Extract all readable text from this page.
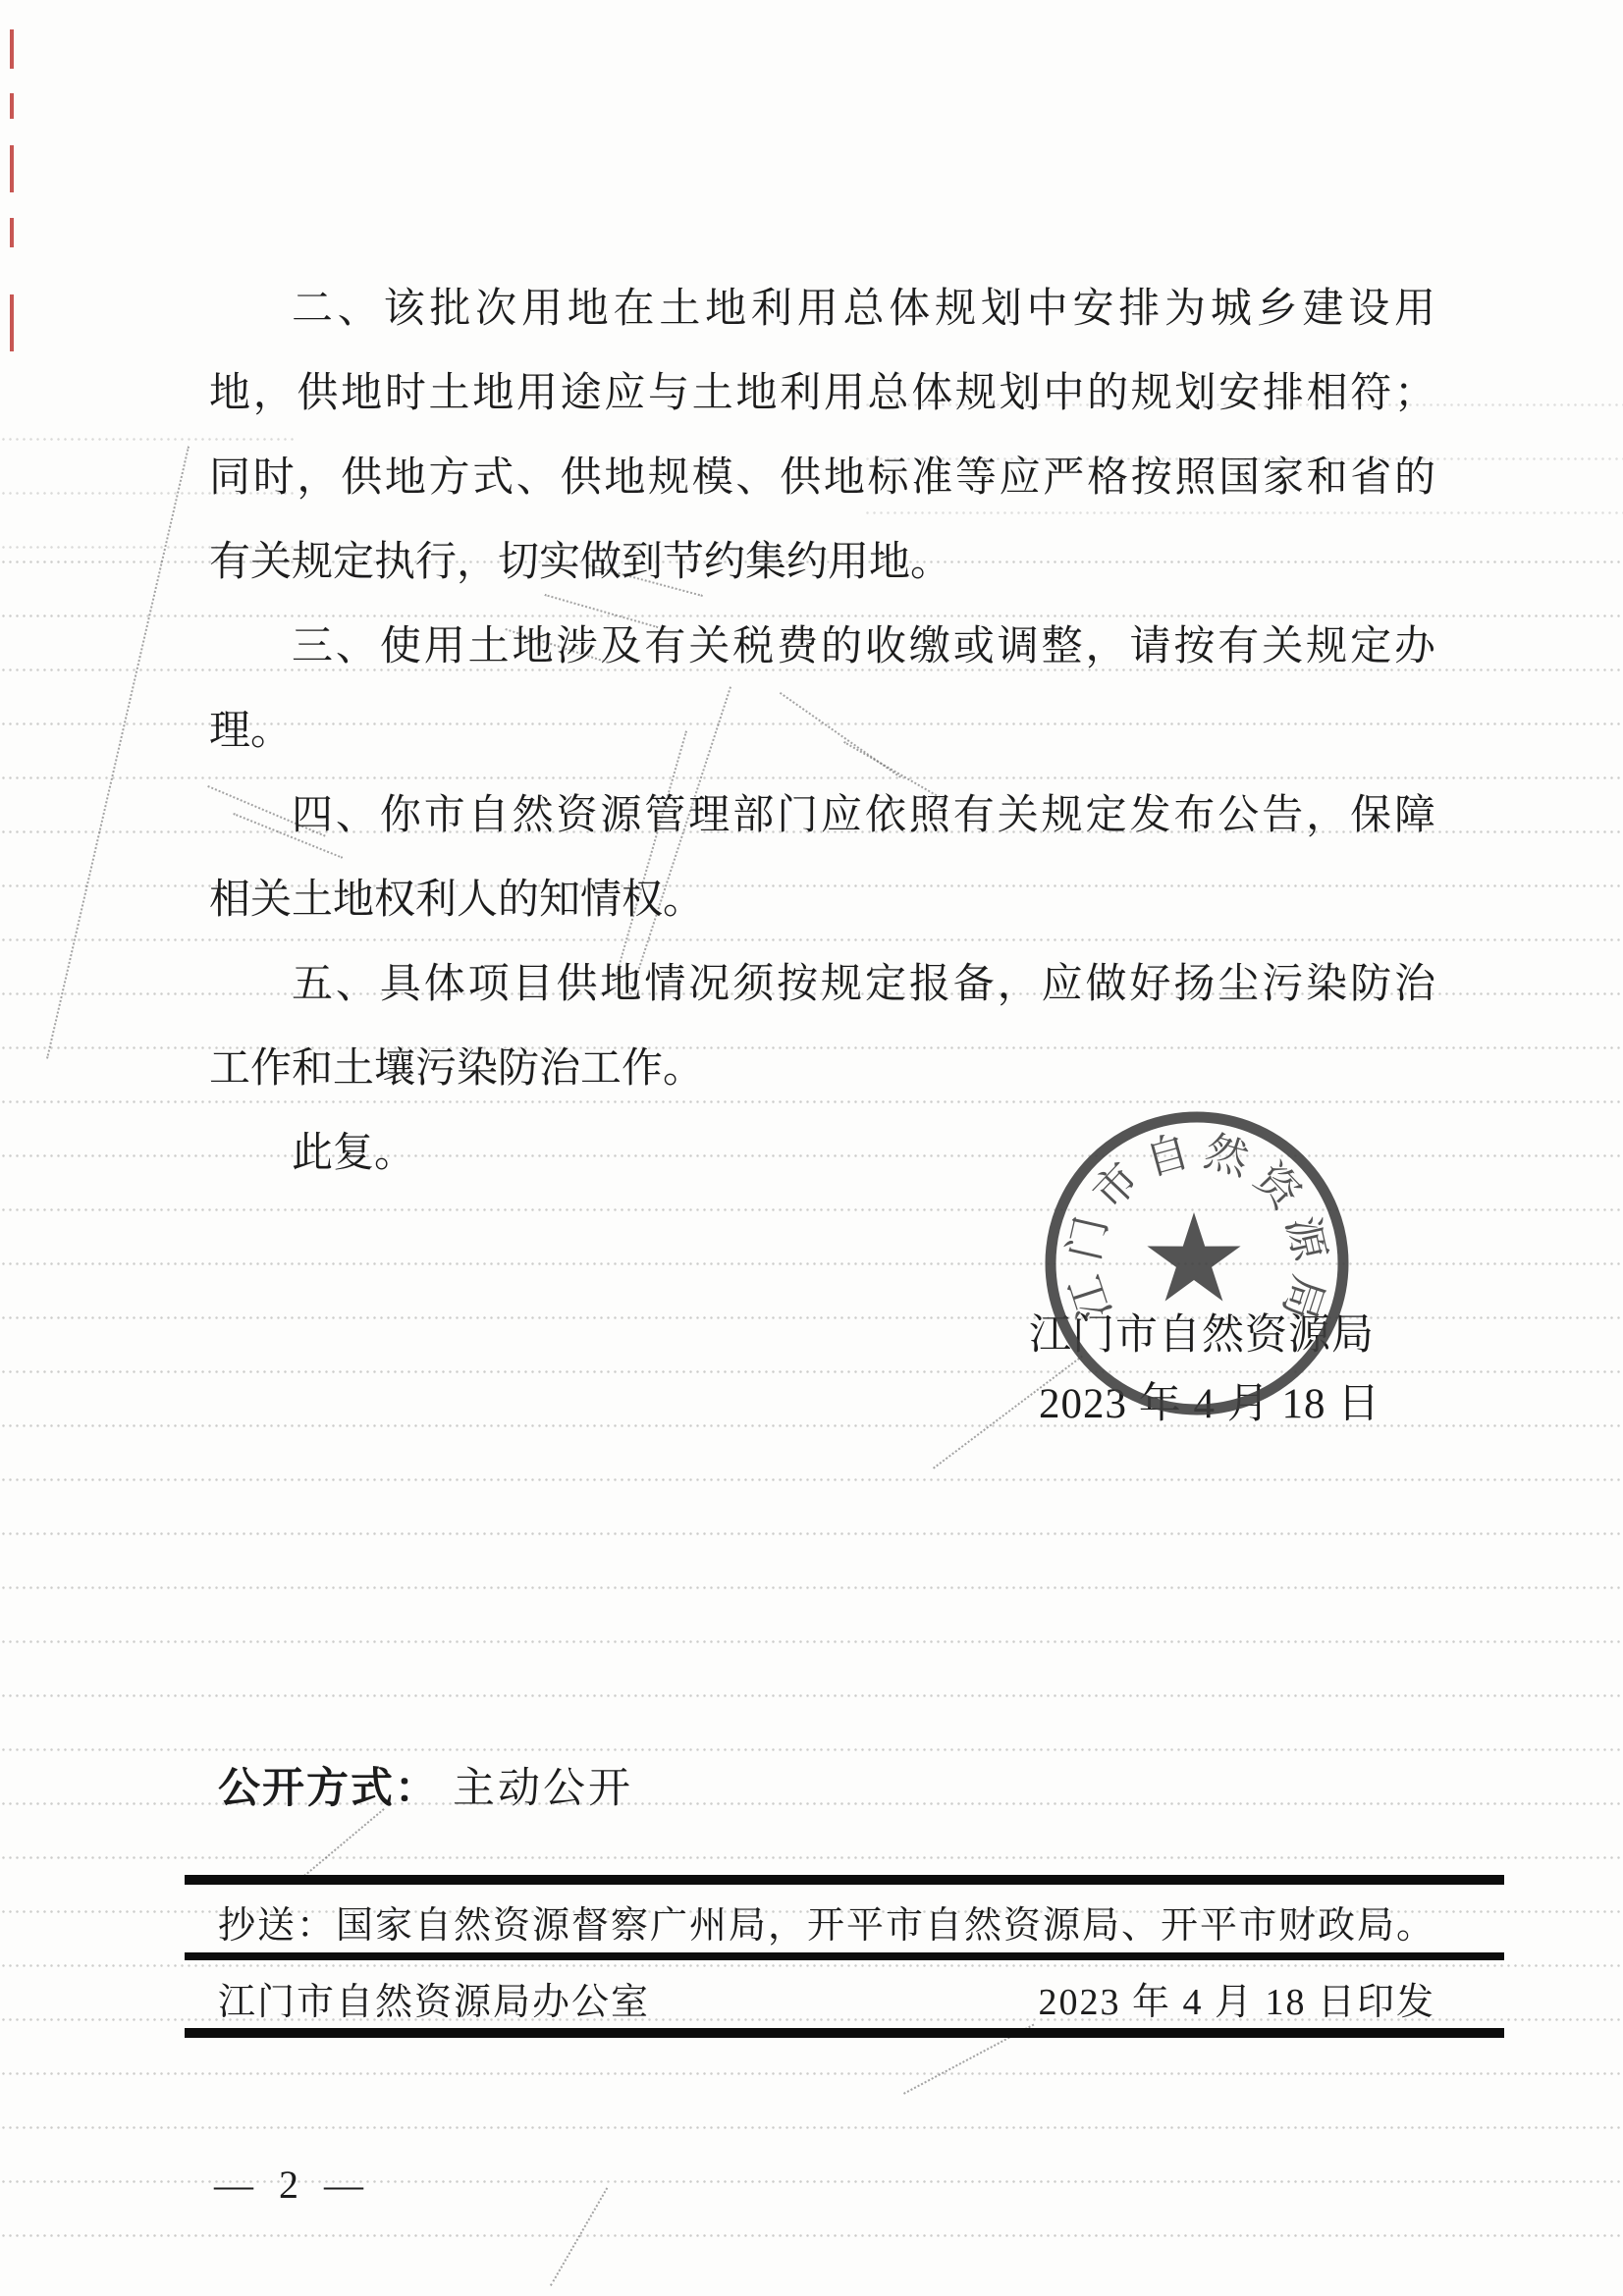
二、该批次用地在土地利用总体规划中安排为城乡建设用
地，供地时土地用途应与土地利用总体规划中的规划安排相符；
同时，供地方式、供地规模、供地标准等应严格按照国家和省的
有关规定执行，切实做到节约集约用地。
三、使用土地涉及有关税费的收缴或调整，请按有关规定办
理。
四、你市自然资源管理部门应依照有关规定发布公告，保障
相关土地权利人的知情权。
五、具体项目供地情况须按规定报备，应做好扬尘污染防治
工作和土壤污染防治工作。
此复。
江门市自然资源局
2023 年 4 月 18 日
江
门
市
自 然
资
源
局
公开方式： 主动公开
抄送：国家自然资源督察广州局，开平市自然资源局、开平市财政局。
江门市自然资源局办公室	2023 年 4 月 18 日印发
— 2 —
